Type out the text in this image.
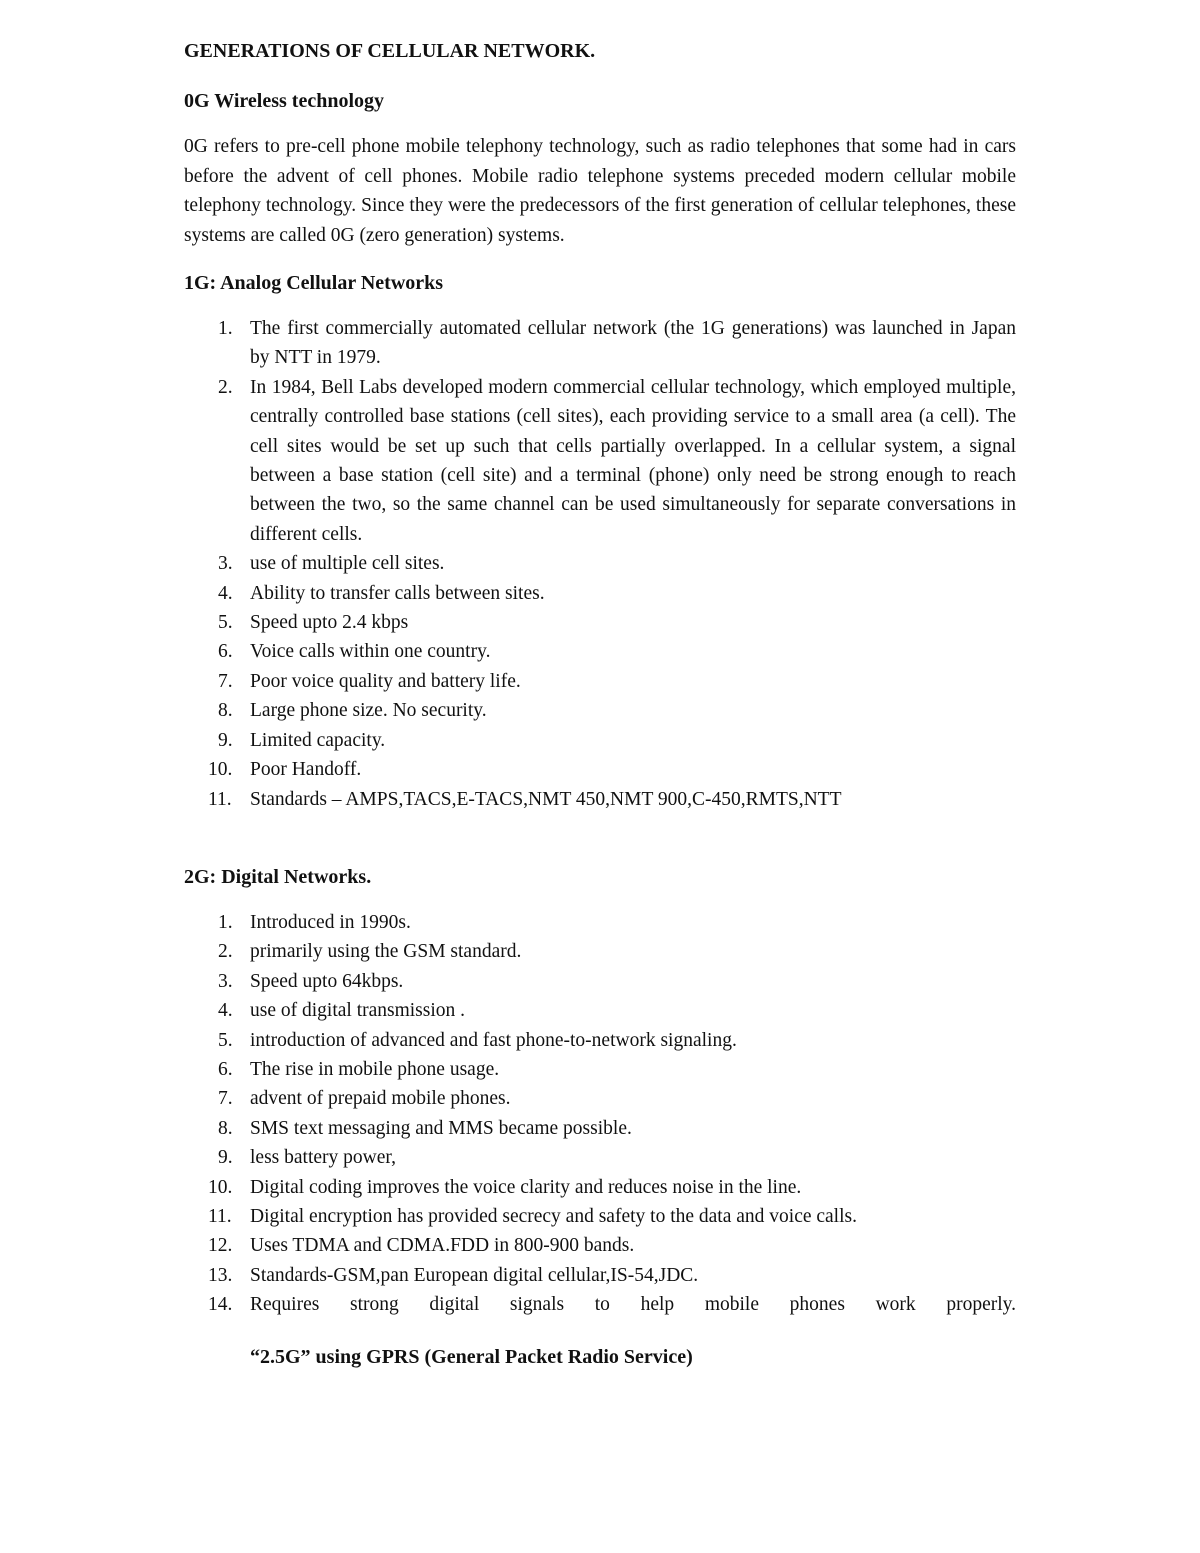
GENERATIONS OF CELLULAR NETWORK.
0G Wireless technology
0G refers to pre-cell phone mobile telephony technology, such as radio telephones that some had in cars before the advent of cell phones. Mobile radio telephone systems preceded modern cellular mobile telephony technology. Since they were the predecessors of the first generation of cellular telephones, these systems are called 0G (zero generation) systems.
1G: Analog Cellular Networks
1. The first commercially automated cellular network (the 1G generations) was launched in Japan by NTT in 1979.
2. In 1984, Bell Labs developed modern commercial cellular technology, which employed multiple, centrally controlled base stations (cell sites), each providing service to a small area (a cell). The cell sites would be set up such that cells partially overlapped. In a cellular system, a signal between a base station (cell site) and a terminal (phone) only need be strong enough to reach between the two, so the same channel can be used simultaneously for separate conversations in different cells.
3. use of multiple cell sites.
4. Ability to transfer calls between sites.
5. Speed upto 2.4 kbps
6. Voice calls within one country.
7. Poor voice quality and battery life.
8. Large phone size. No security.
9. Limited capacity.
10. Poor Handoff.
11. Standards – AMPS,TACS,E-TACS,NMT 450,NMT 900,C-450,RMTS,NTT
2G: Digital Networks.
1. Introduced in 1990s.
2. primarily using the GSM standard.
3. Speed upto 64kbps.
4. use of digital transmission .
5. introduction of advanced and fast phone-to-network signaling.
6. The rise in mobile phone usage.
7. advent of prepaid mobile phones.
8. SMS text messaging and MMS became possible.
9. less battery power,
10. Digital coding improves the voice clarity and reduces noise in the line.
11. Digital encryption has provided secrecy and safety to the data and voice calls.
12. Uses TDMA and CDMA.FDD in 800-900 bands.
13. Standards-GSM,pan European digital cellular,IS-54,JDC.
14. Requires strong digital signals to help mobile phones work properly.
“2.5G” using GPRS (General Packet Radio Service)
